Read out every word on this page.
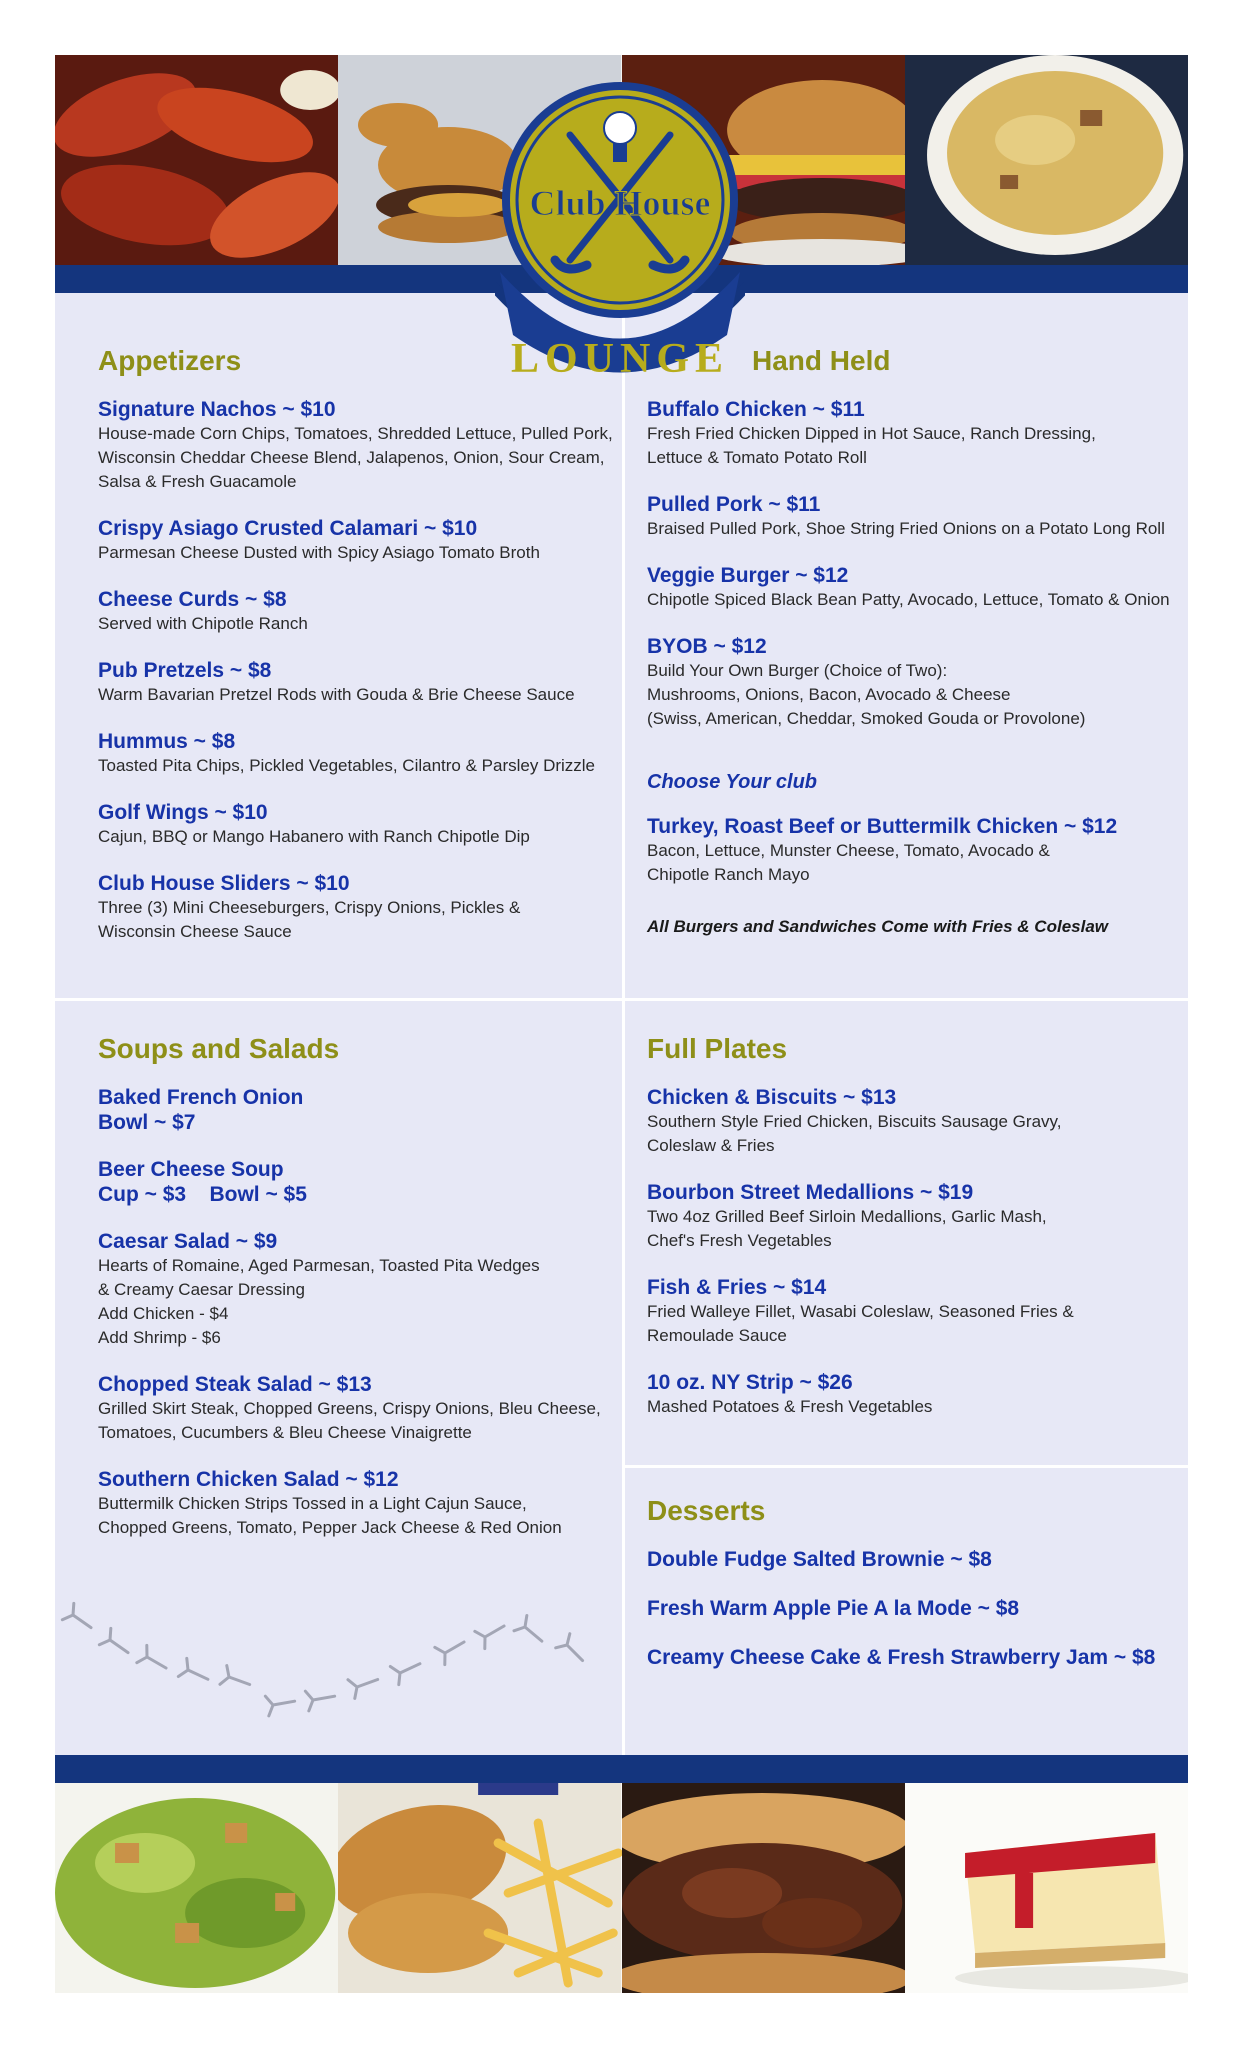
Appetizers
Signature Nachos ~ $10
House-made Corn Chips, Tomatoes, Shredded Lettuce, Pulled Pork,
Wisconsin Cheddar Cheese Blend, Jalapenos, Onion, Sour Cream,
Salsa & Fresh Guacamole
Crispy Asiago Crusted Calamari ~ $10
Parmesan Cheese Dusted with Spicy Asiago Tomato Broth
Cheese Curds ~ $8
Served with Chipotle Ranch
Pub Pretzels ~ $8
Warm Bavarian Pretzel Rods with Gouda & Brie Cheese Sauce
Hummus ~ $8
Toasted Pita Chips, Pickled Vegetables, Cilantro & Parsley Drizzle
Golf Wings ~ $10
Cajun, BBQ or Mango Habanero with Ranch Chipotle Dip
Club House Sliders ~ $10
Three (3) Mini Cheeseburgers, Crispy Onions, Pickles &
Wisconsin Cheese Sauce
Hand Held
Buffalo Chicken ~ $11
Fresh Fried Chicken Dipped in Hot Sauce, Ranch Dressing,
Lettuce & Tomato Potato Roll
Pulled Pork ~ $11
Braised Pulled Pork, Shoe String Fried Onions on a Potato Long Roll
Veggie Burger ~ $12
Chipotle Spiced Black Bean Patty, Avocado, Lettuce, Tomato & Onion
BYOB ~ $12
Build Your Own Burger (Choice of Two):
Mushrooms, Onions, Bacon, Avocado & Cheese
(Swiss, American, Cheddar, Smoked Gouda or Provolone)
Choose Your club
Turkey, Roast Beef or Buttermilk Chicken ~ $12
Bacon, Lettuce, Munster Cheese, Tomato, Avocado &
Chipotle Ranch Mayo
All Burgers and Sandwiches Come with Fries & Coleslaw
Soups and Salads
Baked French Onion
Bowl ~ $7
Beer Cheese Soup
Cup ~ $3    Bowl ~ $5
Caesar Salad ~ $9
Hearts of Romaine, Aged Parmesan, Toasted Pita Wedges
& Creamy Caesar Dressing
Add Chicken - $4
Add Shrimp - $6
Chopped Steak Salad ~ $13
Grilled Skirt Steak, Chopped Greens, Crispy Onions, Bleu Cheese,
Tomatoes, Cucumbers & Bleu Cheese Vinaigrette
Southern Chicken Salad ~ $12
Buttermilk Chicken Strips Tossed in a Light Cajun Sauce,
Chopped Greens, Tomato, Pepper Jack Cheese & Red Onion
Full Plates
Chicken & Biscuits ~ $13
Southern Style Fried Chicken, Biscuits Sausage Gravy,
Coleslaw & Fries
Bourbon Street Medallions ~ $19
Two 4oz Grilled Beef Sirloin Medallions, Garlic Mash,
Chef's Fresh Vegetables
Fish & Fries ~ $14
Fried Walleye Fillet, Wasabi Coleslaw, Seasoned Fries &
Remoulade Sauce
10 oz. NY Strip ~ $26
Mashed Potatoes & Fresh Vegetables
Desserts
Double Fudge Salted Brownie ~ $8
Fresh Warm Apple Pie A la Mode ~ $8
Creamy Cheese Cake & Fresh Strawberry Jam ~ $8
Club House
LOUNGE
